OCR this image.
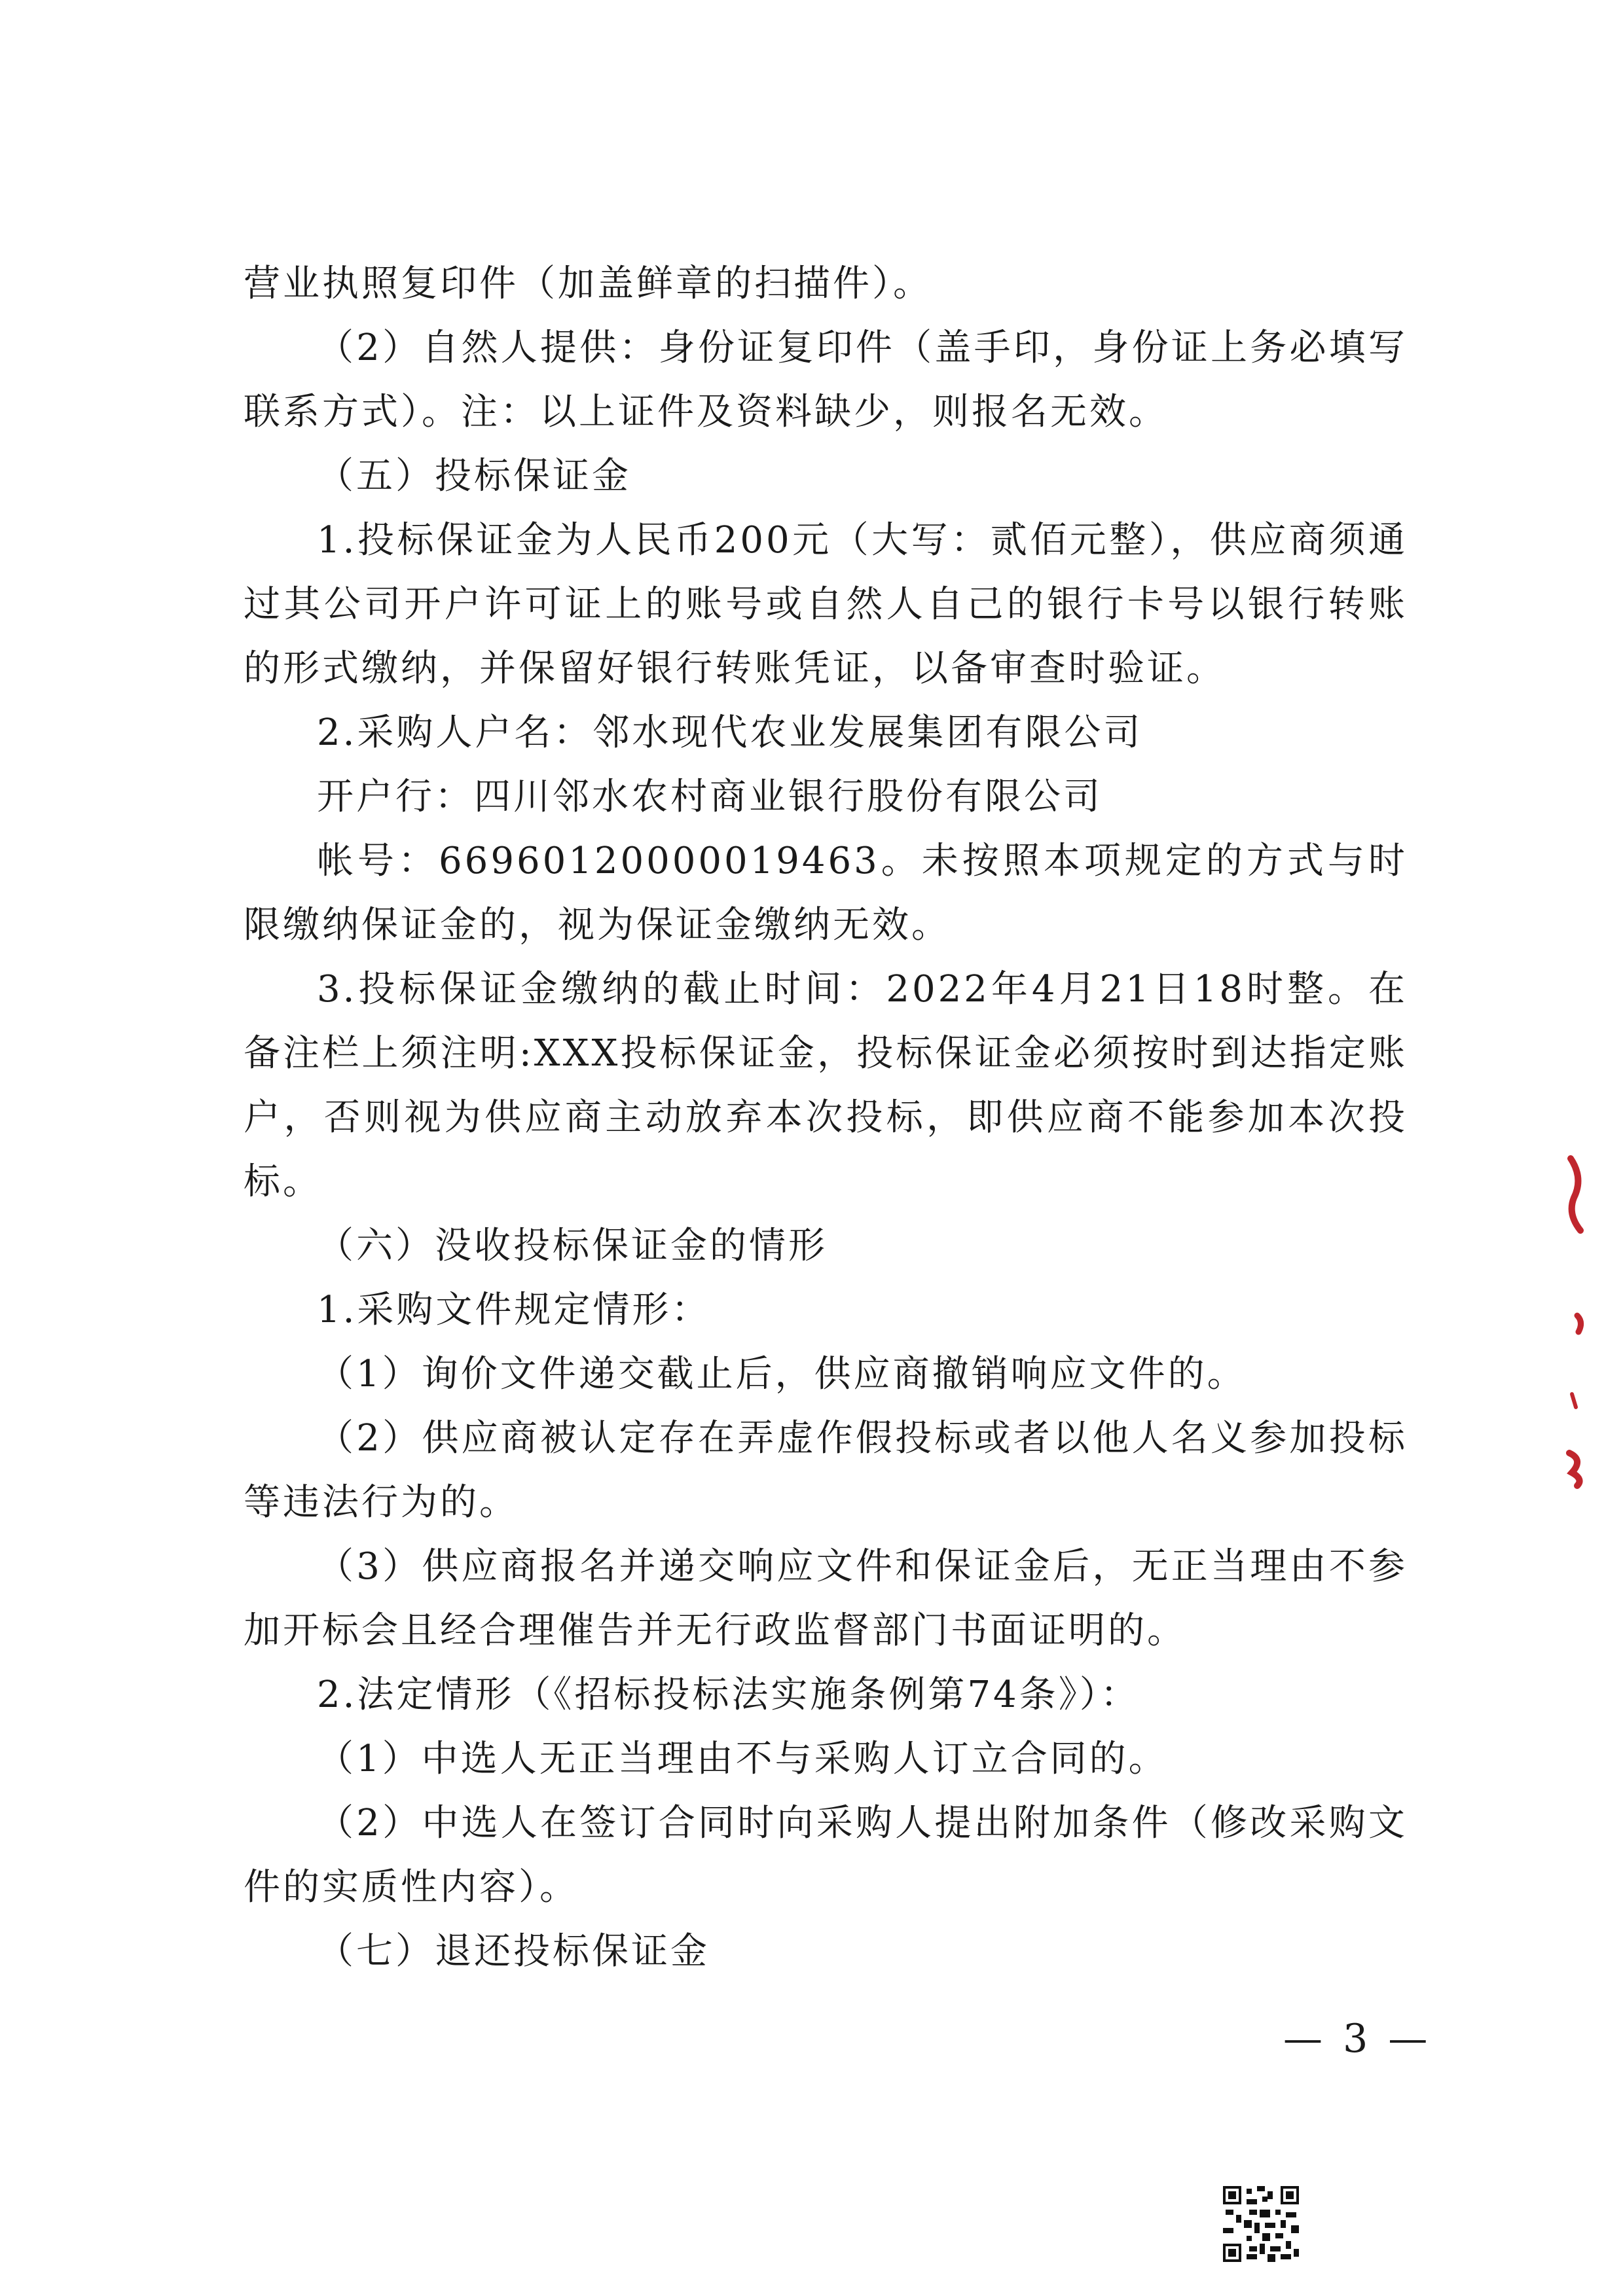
营业执照复印件（加盖鲜章的扫描件）。

（2）自然人提供：身份证复印件（盖手印，身份证上务必填写联系方式）。注：以上证件及资料缺少，则报名无效。

（五）投标保证金

1.投标保证金为人民币200元（大写：贰佰元整），供应商须通过其公司开户许可证上的账号或自然人自己的银行卡号以银行转账的形式缴纳，并保留好银行转账凭证，以备审查时验证。

2.采购人户名：邻水现代农业发展集团有限公司

开户行：四川邻水农村商业银行股份有限公司

帐号：66960120000019463。未按照本项规定的方式与时限缴纳保证金的，视为保证金缴纳无效。

3.投标保证金缴纳的截止时间：2022年4月21日18时整。在备注栏上须注明:XXX投标保证金，投标保证金必须按时到达指定账户，否则视为供应商主动放弃本次投标，即供应商不能参加本次投标。

（六）没收投标保证金的情形

1.采购文件规定情形：

（1）询价文件递交截止后，供应商撤销响应文件的。

（2）供应商被认定存在弄虚作假投标或者以他人名义参加投标等违法行为的。

（3）供应商报名并递交响应文件和保证金后，无正当理由不参加开标会且经合理催告并无行政监督部门书面证明的。

2.法定情形（《招标投标法实施条例第74条》）：

（1）中选人无正当理由不与采购人订立合同的。

（2）中选人在签订合同时向采购人提出附加条件（修改采购文件的实质性内容）。

（七）退还投标保证金

— 3 —
